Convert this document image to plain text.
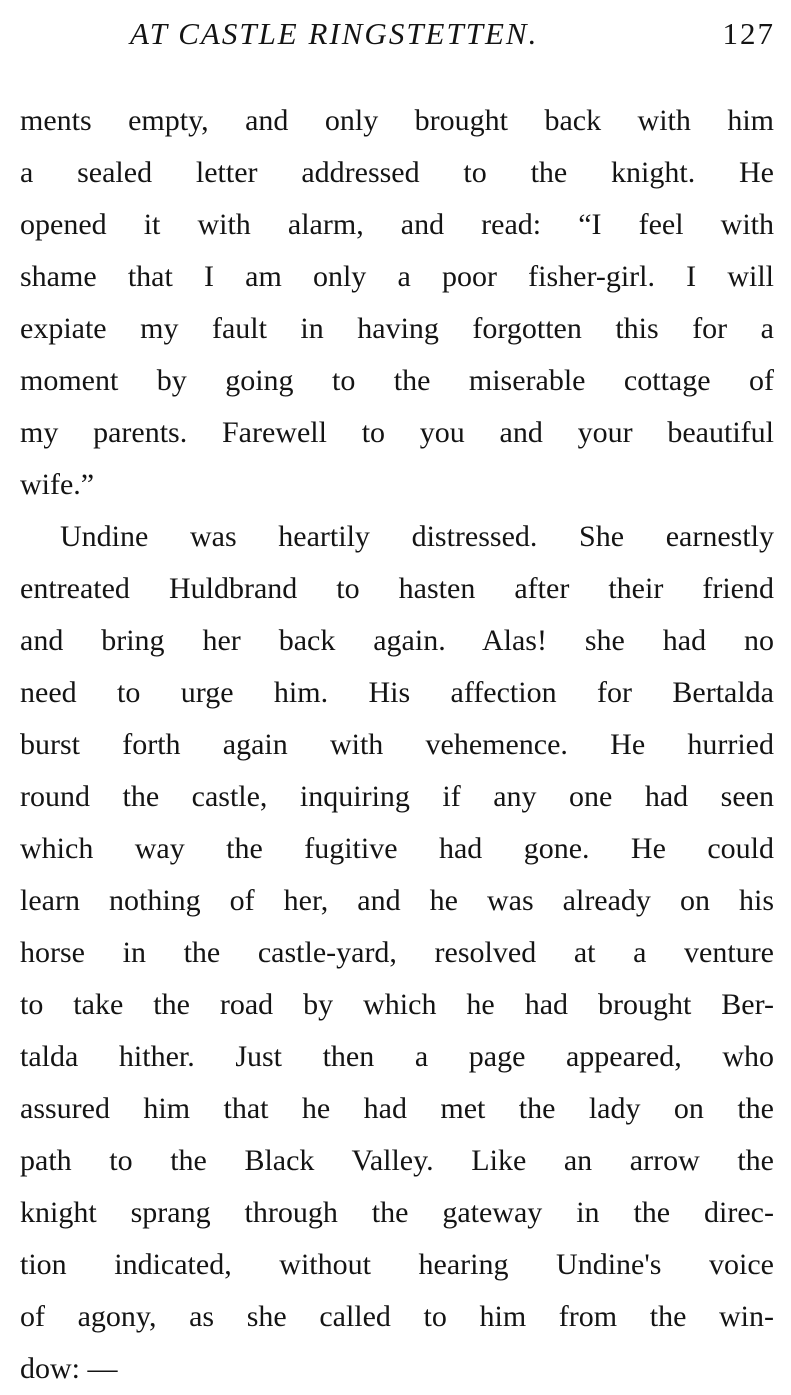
AT CASTLE RINGSTETTEN.	127
ments empty, and only brought back with him
a sealed letter addressed to the knight. He
opened it with alarm, and read: “I feel with
shame that I am only a poor fisher-girl. I will
expiate my fault in having forgotten this for a
moment by going to the miserable cottage of
my parents. Farewell to you and your beautiful
wife.”
Undine was heartily distressed. She earnestly
entreated Huldbrand to hasten after their friend
and bring her back again. Alas! she had no
need to urge him. His affection for Bertalda
burst forth again with vehemence. He hurried
round the castle, inquiring if any one had seen
which way the fugitive had gone. He could
learn nothing of her, and he was already on his
horse in the castle-yard, resolved at a venture
to take the road by which he had brought Ber-
talda hither. Just then a page appeared, who
assured him that he had met the lady on the
path to the Black Valley. Like an arrow the
knight sprang through the gateway in the direc-
tion indicated, without hearing Undine's voice
of agony, as she called to him from the win-
dow: —
